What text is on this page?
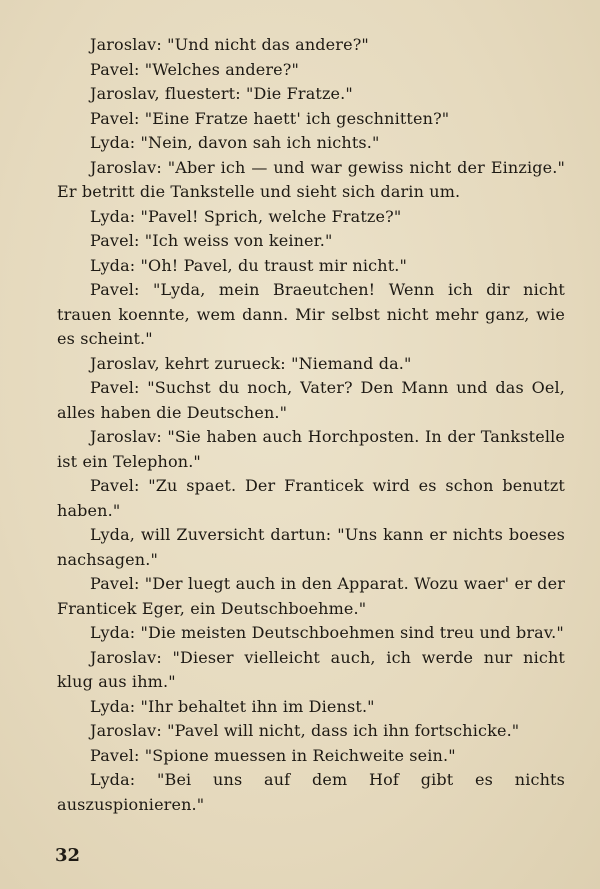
Jaroslav: "Und nicht das andere?"

Pavel: "Welches andere?"

Jaroslav, fluestert: "Die Fratze."

Pavel: "Eine Fratze haett' ich geschnitten?"

Lyda: "Nein, davon sah ich nichts."

Jaroslav: "Aber ich — und war gewiss nicht der Einzige." Er betritt die Tankstelle und sieht sich darin um.

Lyda: "Pavel! Sprich, welche Fratze?"

Pavel: "Ich weiss von keiner."

Lyda: "Oh! Pavel, du traust mir nicht."

Pavel: "Lyda, mein Braeutchen! Wenn ich dir nicht trauen koennte, wem dann. Mir selbst nicht mehr ganz, wie es scheint."

Jaroslav, kehrt zurueck: "Niemand da."

Pavel: "Suchst du noch, Vater? Den Mann und das Oel, alles haben die Deutschen."

Jaroslav: "Sie haben auch Horchposten. In der Tankstelle ist ein Telephon."

Pavel: "Zu spaet. Der Franticek wird es schon benutzt haben."

Lyda, will Zuversicht dartun: "Uns kann er nichts boeses nachsagen."

Pavel: "Der luegt auch in den Apparat. Wozu waer' er der Franticek Eger, ein Deutschboehme."

Lyda: "Die meisten Deutschboehmen sind treu und brav."

Jaroslav: "Dieser vielleicht auch, ich werde nur nicht klug aus ihm."

Lyda: "Ihr behaltet ihn im Dienst."

Jaroslav: "Pavel will nicht, dass ich ihn fortschicke."

Pavel: "Spione muessen in Reichweite sein."

Lyda: "Bei uns auf dem Hof gibt es nichts auszuspionieren."

32
